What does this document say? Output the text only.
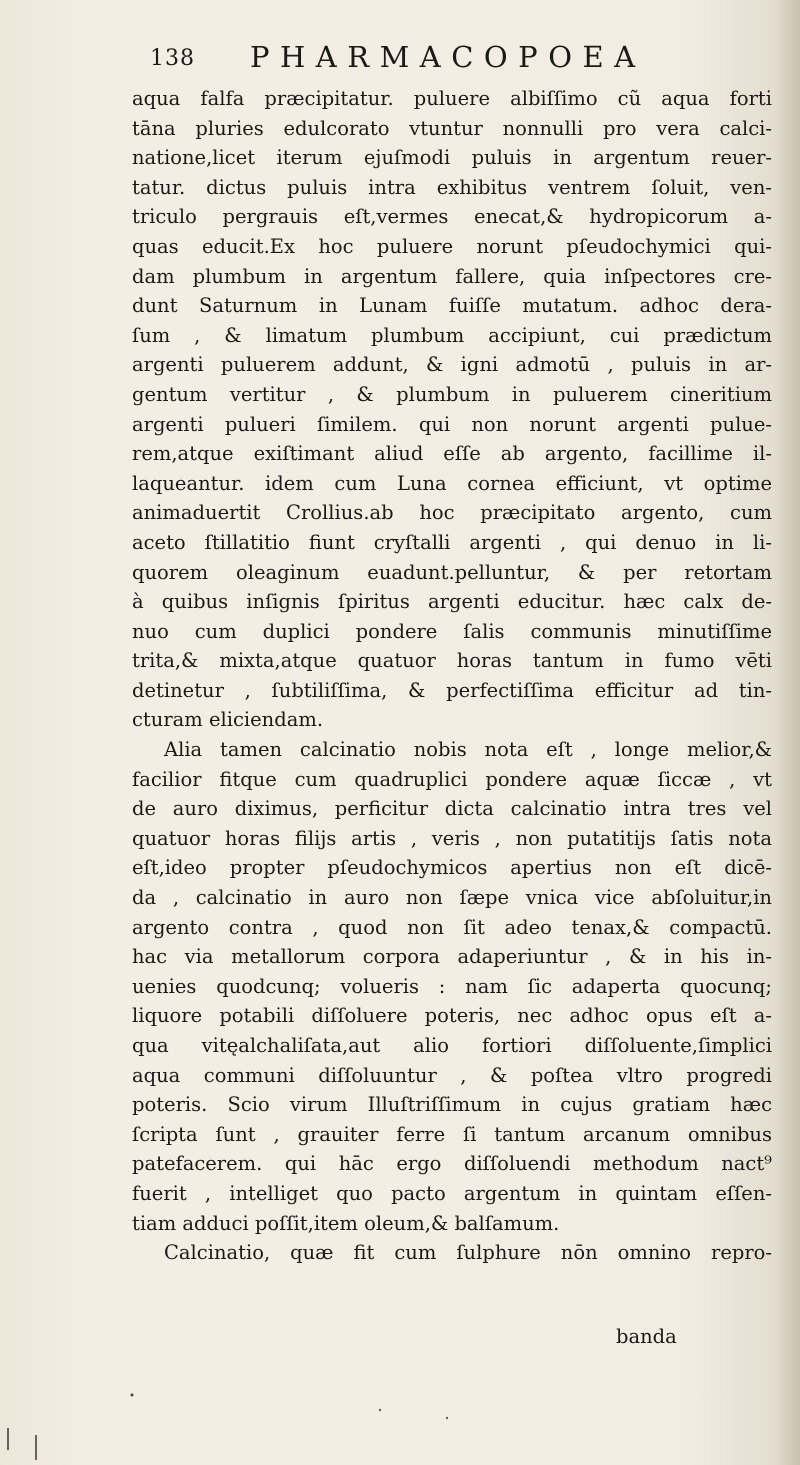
138 PHARMACOPOEA
aqua falfa præcipitatur. puluere albiſſimo cũ aqua forti
tāna pluries edulcorato vtuntur nonnulli pro vera calci-
natione,licet iterum ejuſmodi puluis in argentum reuer-
tatur. dictus puluis intra exhibitus ventrem ſoluit, ven-
triculo pergrauis eſt,vermes enecat,& hydropicorum a-
quas educit.Ex hoc puluere norunt pſeudochymici qui-
dam plumbum in argentum fallere, quia inſpectores cre-
dunt Saturnum in Lunam fuiſſe mutatum. adhoc dera-
ſum , & limatum plumbum accipiunt, cui prædictum
argenti puluerem addunt, & igni admotū , puluis in ar-
gentum vertitur , & plumbum in puluerem cineritium
argenti pulueri ſimilem. qui non norunt argenti pulue-
rem,atque exiſtimant aliud eſſe ab argento, facillime il-
laqueantur. idem cum Luna cornea efficiunt, vt optime
animaduertit Crollius.ab hoc præcipitato argento, cum
aceto ſtillatitio fiunt cryſtalli argenti , qui denuo in li-
quorem oleaginum euadunt.pelluntur, & per retortam
à quibus inſignis ſpiritus argenti educitur. hæc calx de-
nuo cum duplici pondere ſalis communis minutiſſime
trita,& mixta,atque quatuor horas tantum in fumo vēti
detinetur , ſubtiliſſima, & perfectiſſima efficitur ad tin-
cturam eliciendam.
Alia tamen calcinatio nobis nota eſt , longe melior,&
facilior fitque cum quadruplici pondere aquæ ſiccæ , vt
de auro diximus, perficitur dicta calcinatio intra tres vel
quatuor horas filijs artis , veris , non putatitijs ſatis nota
eſt,ideo propter pſeudochymicos apertius non eſt dicē-
da , calcinatio in auro non ſæpe vnica vice abſoluitur,in
argento contra , quod non ſit adeo tenax,& compactū.
hac via metallorum corpora adaperiuntur , & in his in-
uenies quodcunq; volueris : nam ſic adaperta quocunq;
liquore potabili diſſoluere poteris, nec adhoc opus eſt a-
qua vitęalchaliſata,aut alio fortiori diſſoluente,ſimplici
aqua communi diſſoluuntur , & poſtea vltro progredi
poteris. Scio virum Illuſtriſſimum in cujus gratiam hæc
ſcripta ſunt , grauiter ferre ſi tantum arcanum omnibus
patefacerem. qui hāc ergo diſſoluendi methodum nact⁹
fuerit , intelliget quo pacto argentum in quintam eſſen-
tiam adduci poſſit,item oleum,& balſamum.
Calcinatio, quæ fit cum ſulphure nōn omnino repro-
banda
